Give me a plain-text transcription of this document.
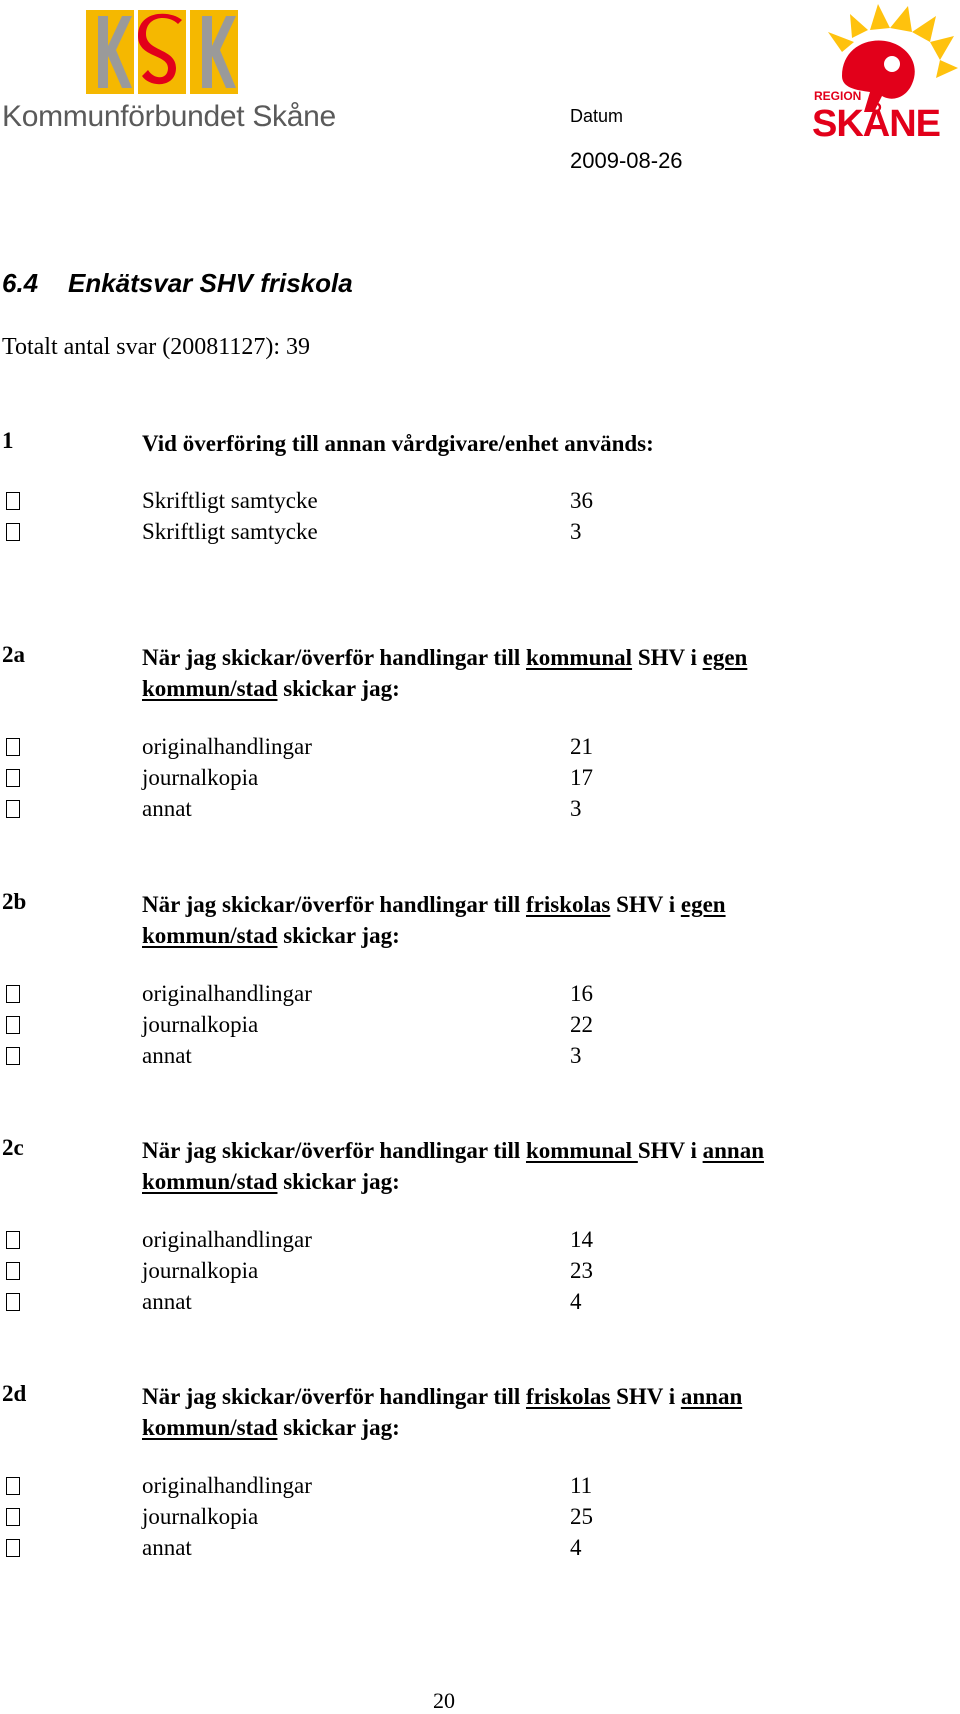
Kommunförbundet Skåne
REGION
SKÅNE
Datum
2009-08-26
6.4 Enkätsvar SHV friskola
Totalt antal svar (20081127): 39
1	Vid överföring till annan vårdgivare/enhet används:
Skriftligt samtycke	36
Skriftligt samtycke	3
2a	När jag skickar/överför handlingar till kommunal SHV i egen
kommun/stad skickar jag:
originalhandlingar	21
journalkopia	17
annat	3
2b	När jag skickar/överför handlingar till friskolas SHV i egen
kommun/stad skickar jag:
originalhandlingar	16
journalkopia	22
annat	3
2c	När jag skickar/överför handlingar till kommunal SHV i annan
kommun/stad skickar jag:
originalhandlingar	14
journalkopia	23
annat	4
2d	När jag skickar/överför handlingar till friskolas SHV i annan
kommun/stad skickar jag:
originalhandlingar	11
journalkopia	25
annat	4
20
